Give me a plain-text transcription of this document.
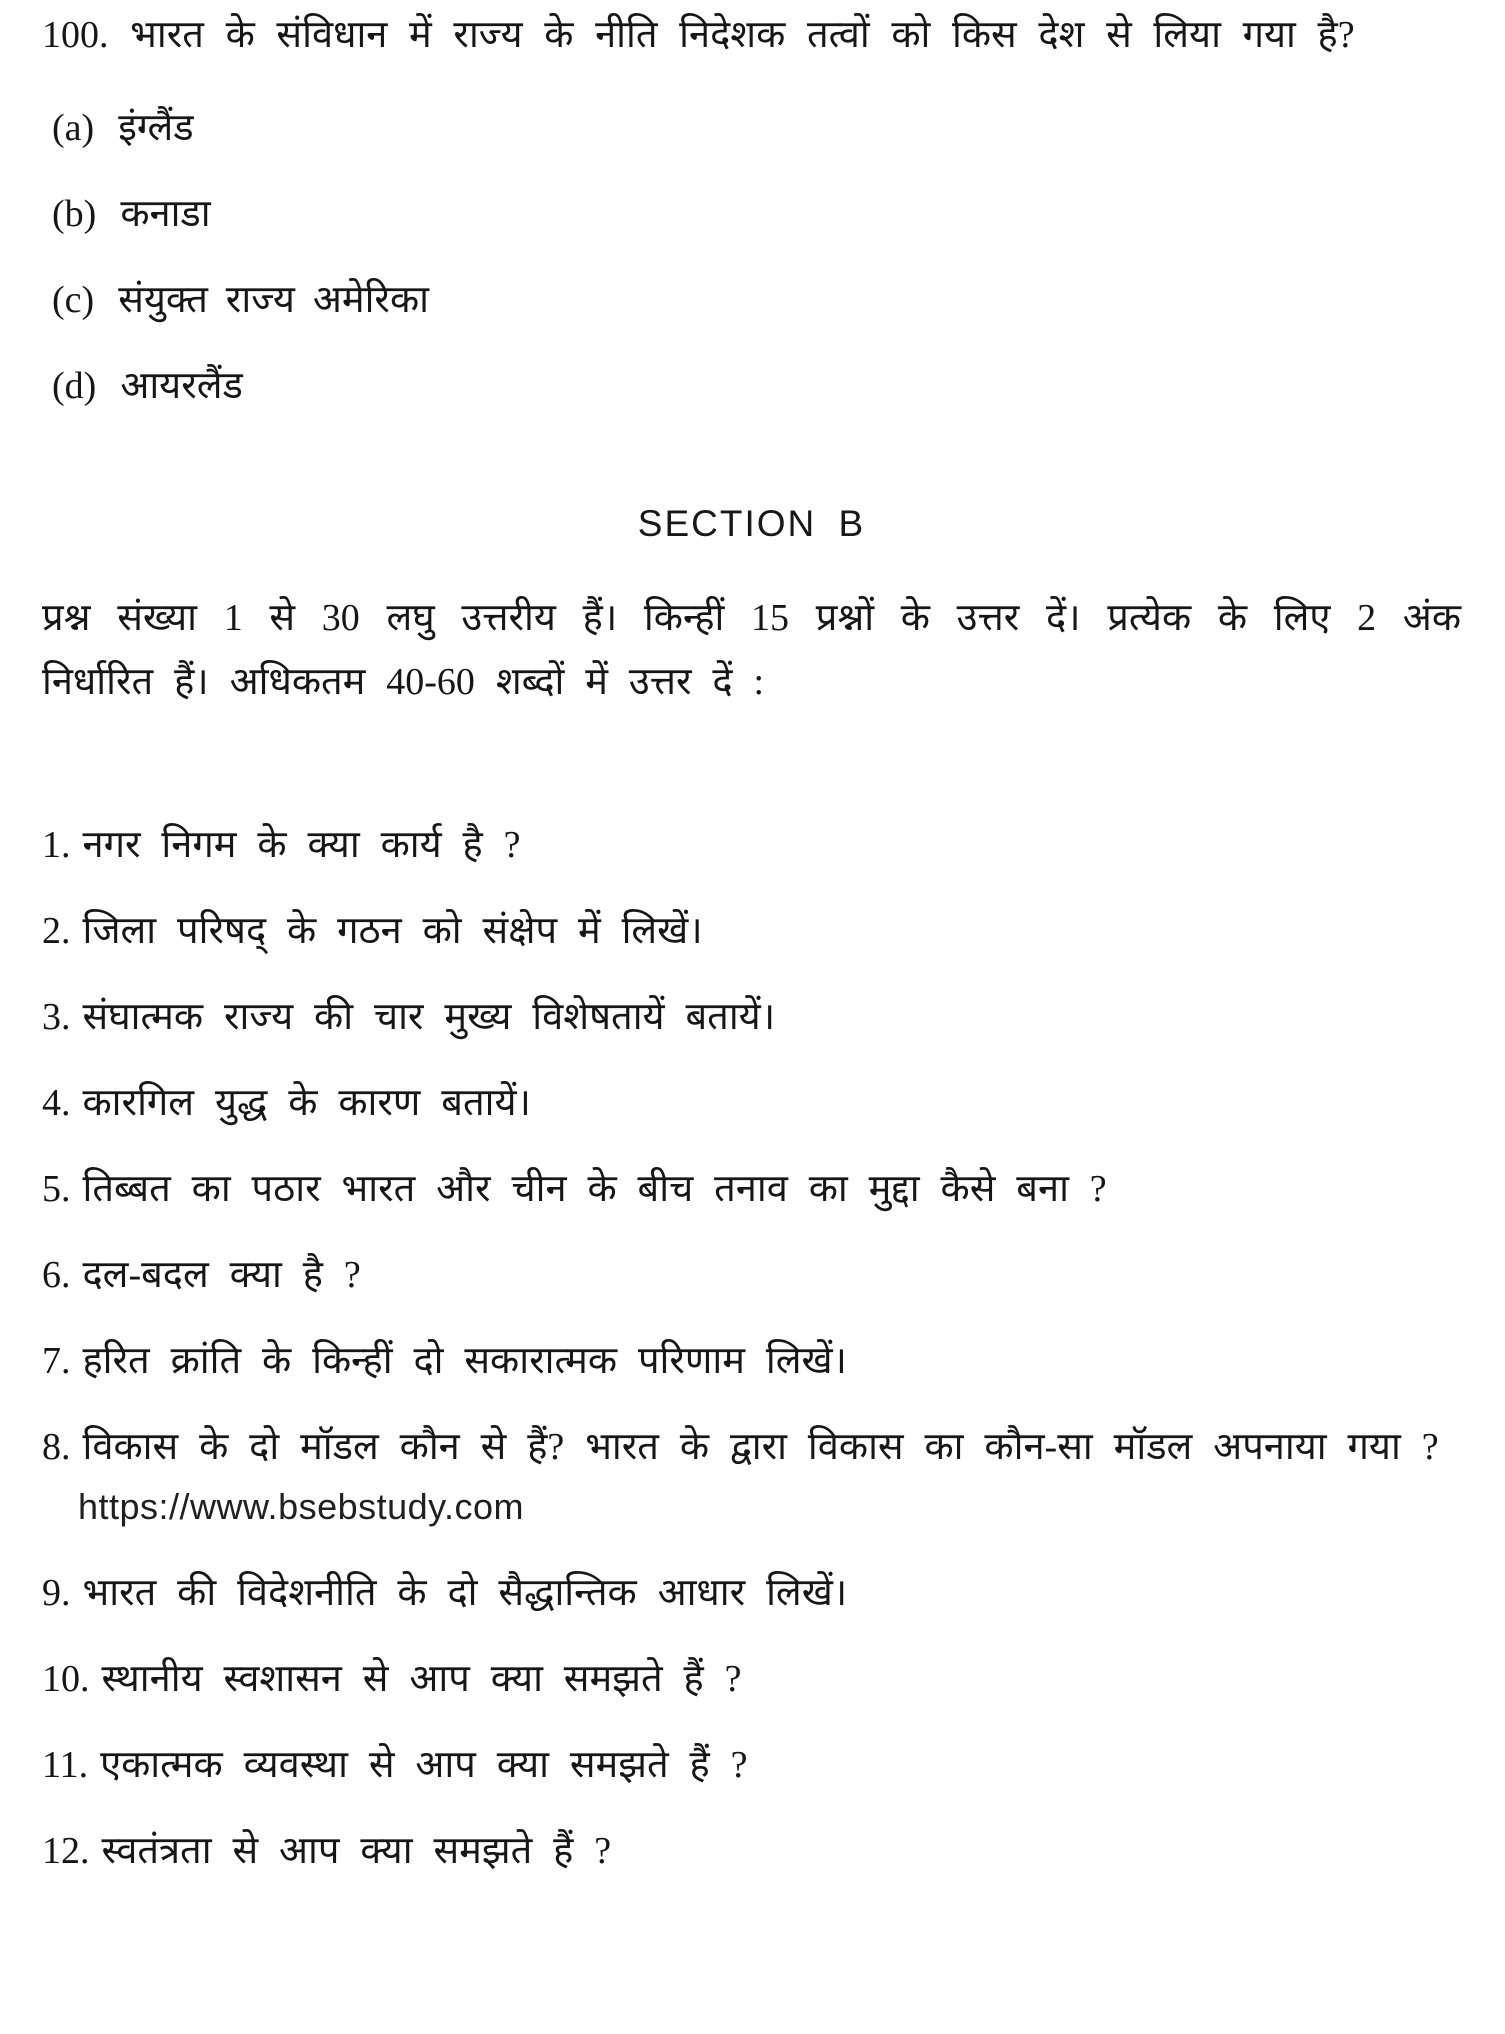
100. भारत के संविधान में राज्य के नीति निदेशक तत्वों को किस देश से लिया गया है?

(a) इंग्लैंड
(b) कनाडा
(c) संयुक्त राज्य अमेरिका
(d) आयरलैंड
SECTION B

प्रश्न संख्या 1 से 30 लघु उत्तरीय हैं। किन्हीं 15 प्रश्नों के उत्तर दें। प्रत्येक के लिए 2 अंक निर्धारित हैं। अधिकतम 40-60 शब्दों में उत्तर दें :

1. नगर निगम के क्या कार्य है ?
2. जिला परिषद् के गठन को संक्षेप में लिखें।
3. संघात्मक राज्य की चार मुख्य विशेषतायें बतायें।
4. कारगिल युद्ध के कारण बतायें।
5. तिब्बत का पठार भारत और चीन के बीच तनाव का मुद्दा कैसे बना ?
6. दल-बदल क्या है ?
7. हरित क्रांति के किन्हीं दो सकारात्मक परिणाम लिखें।
8. विकास के दो मॉडल कौन से हैं? भारत के द्वारा विकास का कौन-सा मॉडल अपनाया गया ?https://www.bsebstudy.com
9. भारत की विदेशनीति के दो सैद्धान्तिक आधार लिखें।
10. स्थानीय स्वशासन से आप क्या समझते हैं ?
11. एकात्मक व्यवस्था से आप क्या समझते हैं ?
12. स्वतंत्रता से आप क्या समझते हैं ?
